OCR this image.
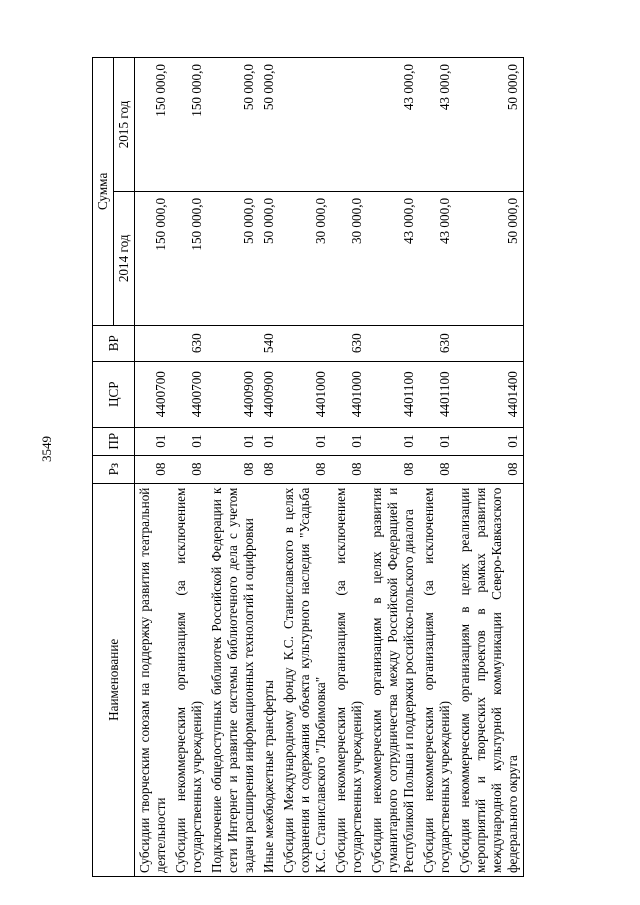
3549
Наименование	Рз	ПР	ЦСР	ВР	Сумма	
					2014 год	2015 год
Субсидии творческим союзам на поддержку развития театральной деятельности	08	01	4400700		150 000,0	150 000,0
Субсидии некоммерческим организациям (за исключением государственных учреждений)	08	01	4400700	630	150 000,0	150 000,0
Подключение общедоступных библиотек Российской Федерации к сети Интернет и развитие системы библиотечного дела с учетом задачи расширения информационных технологий и оцифровки	08	01	4400900		50 000,0	50 000,0
Иные межбюджетные трансферты	08	01	4400900	540	50 000,0	50 000,0
Субсидии Международному фонду К.С. Станиславского в целях сохранения и содержания объекта культурного наследия "Усадьба К.С. Станиславского "Любимовка"	08	01	4401000		30 000,0	
Субсидии некоммерческим организациям (за исключением государственных учреждений)	08	01	4401000	630	30 000,0	
Субсидии некоммерческим организациям в целях развития гуманитарного сотрудничества между Российской Федерацией и Республикой Польша и поддержки российско-польского диалога	08	01	4401100		43 000,0	43 000,0
Субсидии некоммерческим организациям (за исключением государственных учреждений)	08	01	4401100	630	43 000,0	43 000,0
Субсидия некоммерческим организациям в целях реализации мероприятий и творческих проектов в рамках развития международной культурной коммуникации Северо-Кавказского федерального округа	08	01	4401400		50 000,0	50 000,0
